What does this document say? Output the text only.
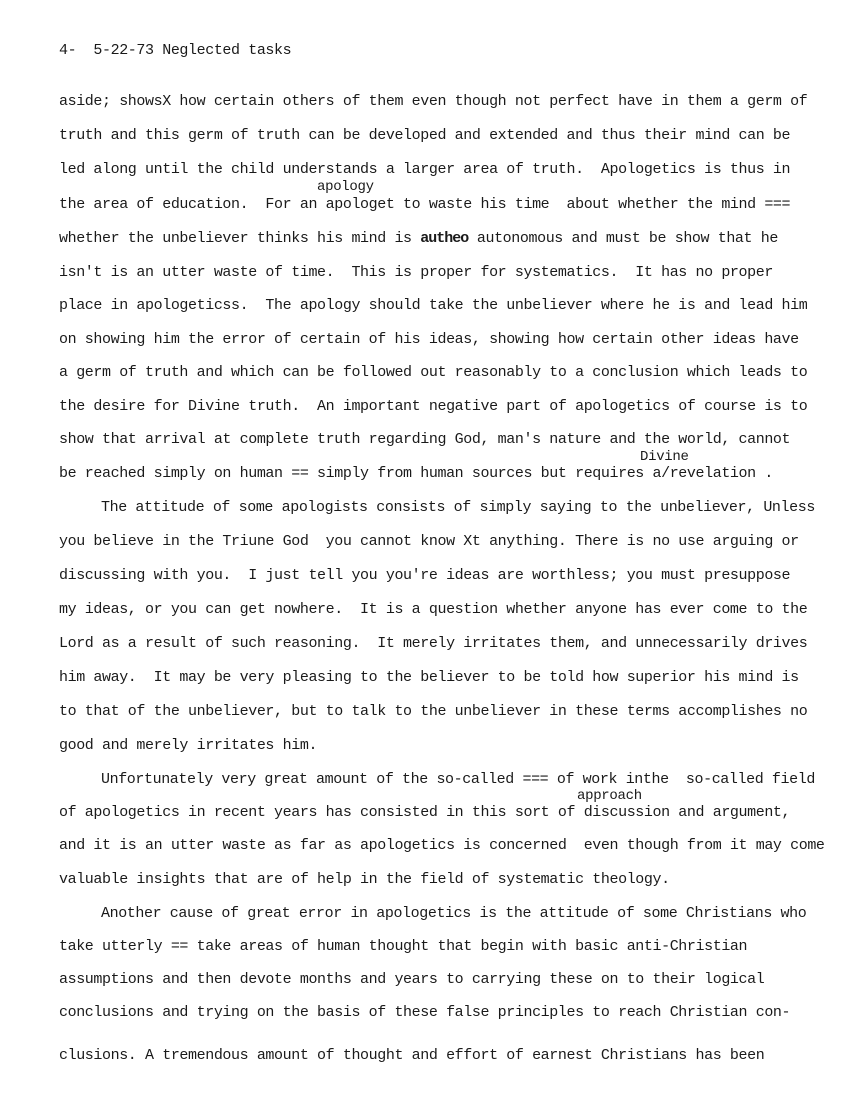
4-  5-22-73 Neglected tasks
aside; showsX how certain others of them even though not perfect have in them a germ of
truth and this germ of truth can be developed and extended and thus their mind can be
led along until the child understands a larger area of truth.  Apologetics is thus in
apology
the area of education.  For an apologet to waste his time  about whether the mind ===
whether the unbeliever thinks his mind is autheo autonomous and must be show that he
isn't is an utter waste of time.  This is proper for systematics.  It has no proper
place in apologeticss.  The apology should take the unbeliever where he is and lead him
on showing him the error of certain of his ideas, showing how certain other ideas have
a germ of truth and which can be followed out reasonably to a conclusion which leads to
the desire for Divine truth.  An important negative part of apologetics of course is to
show that arrival at complete truth regarding God, man's nature and the world, cannot
Divine
be reached simply on human == simply from human sources but requires a/revelation .
The attitude of some apologists consists of simply saying to the unbeliever, Unless
you believe in the Triune God  you cannot know Xt anything. There is no use arguing or
discussing with you.  I just tell you you're ideas are worthless; you must presuppose
my ideas, or you can get nowhere.  It is a question whether anyone has ever come to the
Lord as a result of such reasoning.  It merely irritates them, and unnecessarily drives
him away.  It may be very pleasing to the believer to be told how superior his mind is
to that of the unbeliever, but to talk to the unbeliever in these terms accomplishes no
good and merely irritates him.
Unfortunately very great amount of the so-called === of work inthe  so-called field
approach
of apologetics in recent years has consisted in this sort of discussion and argument,
and it is an utter waste as far as apologetics is concerned  even though from it may come
valuable insights that are of help in the field of systematic theology.
Another cause of great error in apologetics is the attitude of some Christians who
take utterly == take areas of human thought that begin with basic anti-Christian
assumptions and then devote months and years to carrying these on to their logical
conclusions and trying on the basis of these false principles to reach Christian con-
clusions. A tremendous amount of thought and effort of earnest Christians has been
